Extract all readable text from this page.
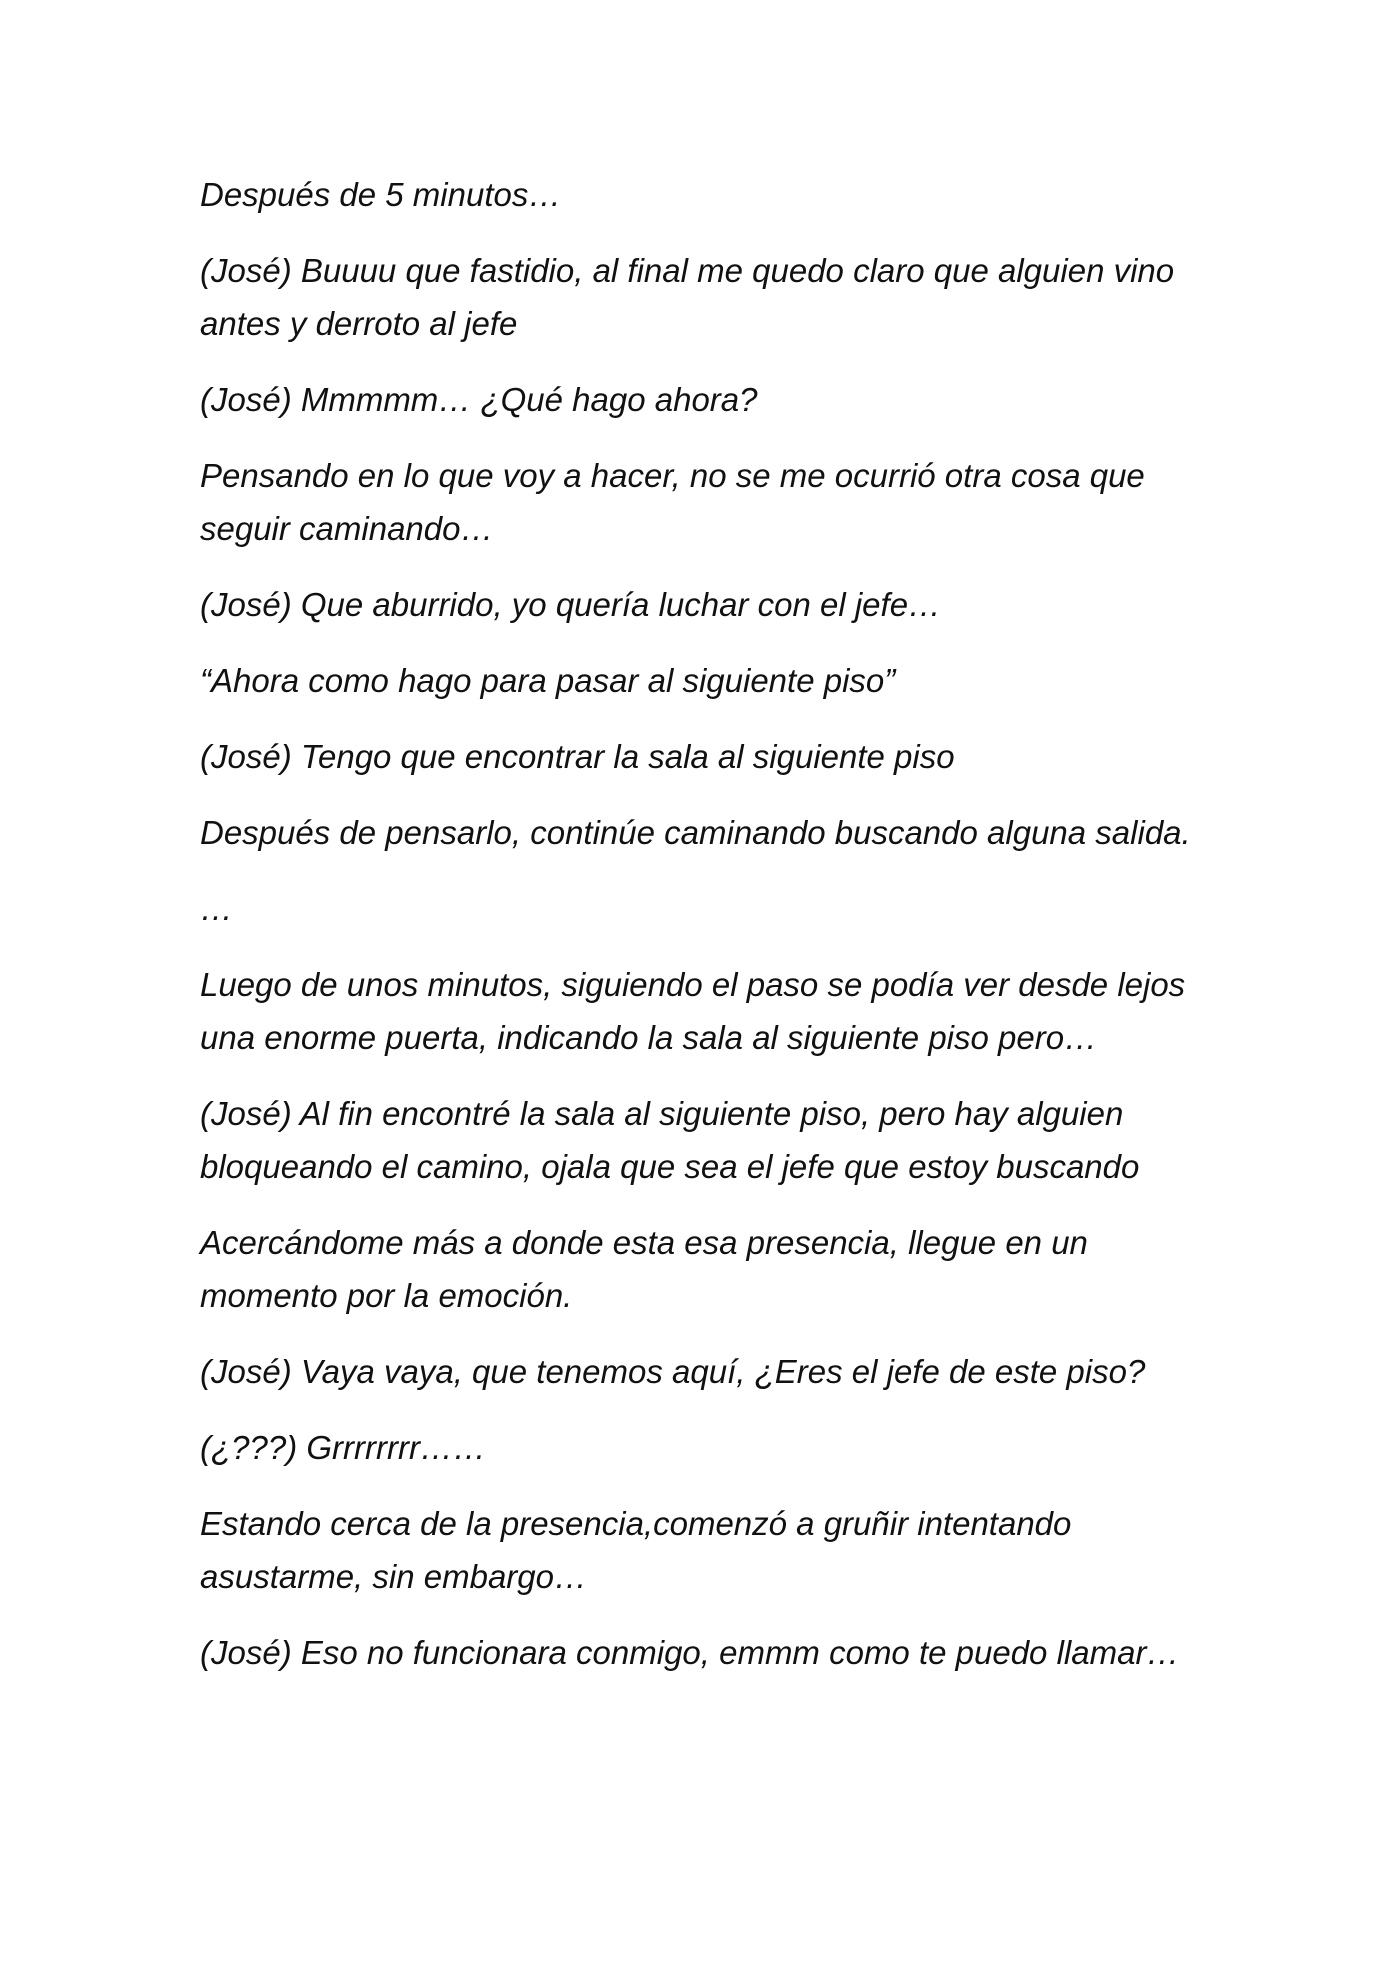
Después de 5 minutos…

(José) Buuuu que fastidio, al final me quedo claro que alguien vino antes y derroto al jefe

(José) Mmmmm… ¿Qué hago ahora?

Pensando en lo que voy a hacer, no se me ocurrió otra cosa que seguir caminando…

(José) Que aburrido, yo quería luchar con el jefe…

“Ahora como hago para pasar al siguiente piso”

(José) Tengo que encontrar la sala al siguiente piso

Después de pensarlo, continúe caminando buscando alguna salida.

…

Luego de unos minutos, siguiendo el paso se podía ver desde lejos una enorme puerta, indicando la sala al siguiente piso pero…

(José) Al fin encontré la sala al siguiente piso, pero hay alguien bloqueando el camino, ojala que sea el jefe que estoy buscando

Acercándome más a donde esta esa presencia, llegue en un momento por la emoción.

(José) Vaya vaya, que tenemos aquí, ¿Eres el jefe de este piso?

(¿???) Grrrrrrrr……

Estando cerca de la presencia,comenzó a gruñir intentando asustarme, sin embargo…

(José) Eso no funcionara conmigo, emmm como te puedo llamar…
